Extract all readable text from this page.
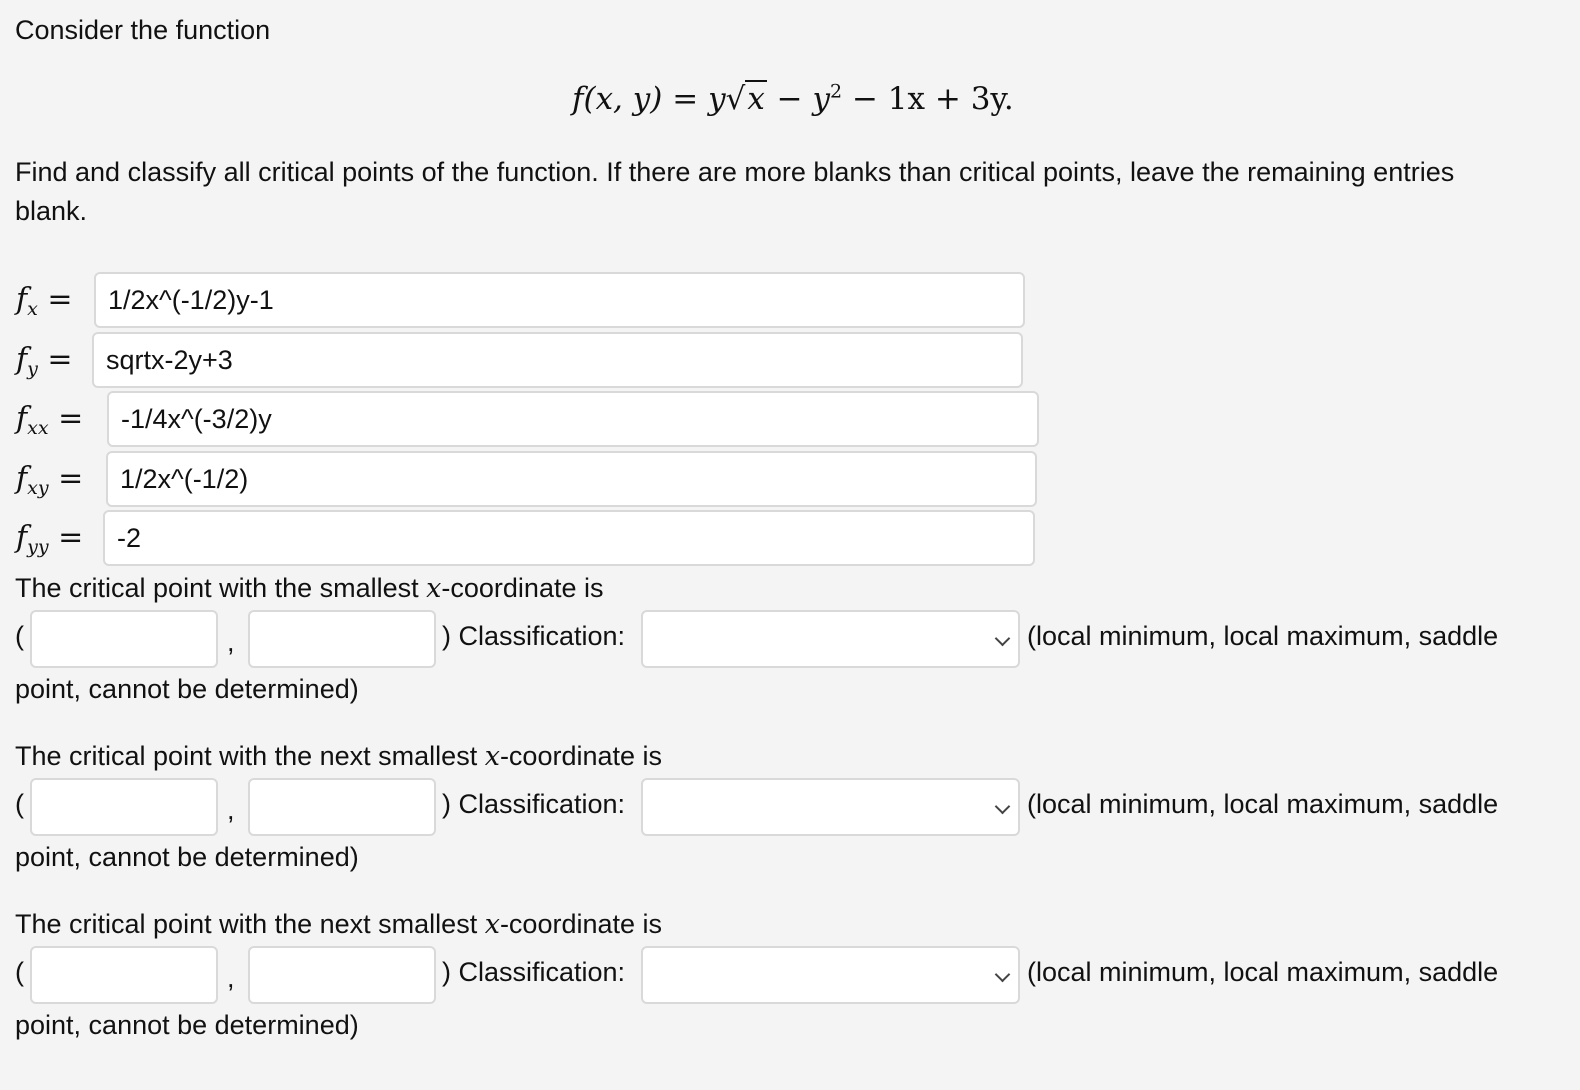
Consider the function
f(x, $y) = y√x - y^2 - 1x + 3y$.
Find and classify all critical points of the function. If there are more blanks than critical points, leave the remaining entries
blank.
$f_x$ =	1/2x^(-1/2)y-1
$f_y$ =	sqrtx-2y+3
$f_{xx}$ =	-1/4x^(-3/2)y
$f_{xy}$ =	1/2x^(-1/2)
$f_{yy}$ =	-2
The critical point with the smallest x-coordinate is
(	,	) Classification:	(local minimum, local maximum, saddle
point, cannot be determined)
The critical point with the next smallest x-coordinate is
(	,	) Classification:	(local minimum, local maximum, saddle
point, cannot be determined)
The critical point with the next smallest x-coordinate is
(	,	) Classification:	(local minimum, local maximum, saddle
point, cannot be determined)
